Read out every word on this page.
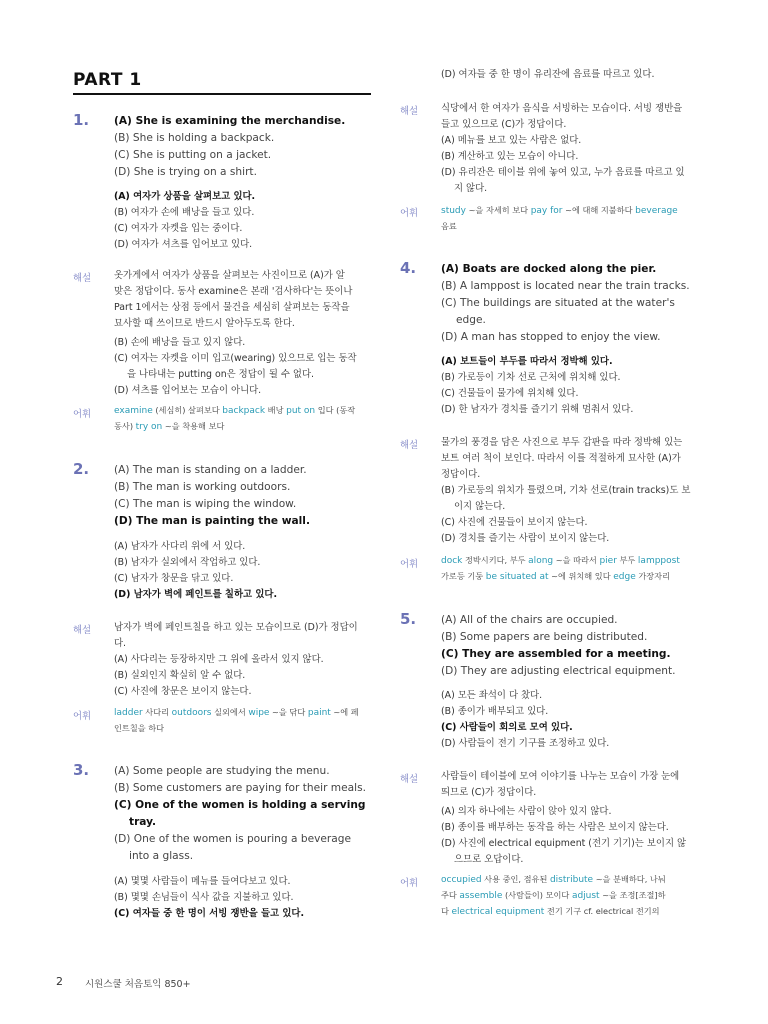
PART 1
1. (A) She is examining the merchandise.
(B) She is holding a backpack.
(C) She is putting on a jacket.
(D) She is trying on a shirt.
(A) 여자가 상품을 살펴보고 있다.
(B) 여자가 손에 배낭을 들고 있다.
(C) 여자가 자켓을 입는 중이다.
(D) 여자가 셔츠를 입어보고 있다.
해설 옷가게에서 여자가 상품을 살펴보는 사진이므로 (A)가 알
맞은 정답이다. 동사 examine은 본래 '검사하다'는 뜻이나
Part 1에서는 상점 등에서 물건을 세심히 살펴보는 동작을
묘사할 때 쓰이므로 반드시 알아두도록 한다.
(B) 손에 배낭을 들고 있지 않다.
(C) 여자는 자켓을 이미 입고(wearing) 있으므로 입는 동작
을 나타내는 putting on은 정답이 될 수 없다.
(D) 셔츠를 입어보는 모습이 아니다.
어휘	examine (세심히) 살펴보다 backpack 배낭 put on 입다 (동작
동사) try on ~을 착용해 보다
2. (A) The man is standing on a ladder.
(B) The man is working outdoors.
(C) The man is wiping the window.
(D) The man is painting the wall.
(A) 남자가 사다리 위에 서 있다.
(B) 남자가 실외에서 작업하고 있다.
(C) 남자가 창문을 닦고 있다.
(D) 남자가 벽에 페인트를 칠하고 있다.
해설 남자가 벽에 페인트칠을 하고 있는 모습이므로 (D)가 정답이
다.
(A) 사다리는 등장하지만 그 위에 올라서 있지 않다.
(B) 실외인지 확실히 알 수 없다.
(C) 사진에 창문은 보이지 않는다.
어휘	ladder 사다리 outdoors 실외에서 wipe ~을 닦다 paint ~에 페
인트칠을 하다
3. (A) Some people are studying the menu.
(B) Some customers are paying for their meals.
(C) One of the women is holding a serving
tray.
(D) One of the women is pouring a beverage
into a glass.
(A) 몇몇 사람들이 메뉴를 들여다보고 있다.
(B) 몇몇 손님들이 식사 값을 지불하고 있다.
(C) 여자들 중 한 명이 서빙 쟁반을 들고 있다.
(D) 여자들 중 한 명이 유리잔에 음료를 따르고 있다.
해설 식당에서 한 여자가 음식을 서빙하는 모습이다. 서빙 쟁반을
들고 있으므로 (C)가 정답이다.
(A) 메뉴를 보고 있는 사람은 없다.
(B) 계산하고 있는 모습이 아니다.
(D) 유리잔은 테이블 위에 놓여 있고, 누가 음료를 따르고 있
지 않다.
어휘	study ~을 자세히 보다 pay for ~에 대해 지불하다 beverage
음료
4. (A) Boats are docked along the pier.
(B) A lamppost is located near the train tracks.
(C) The buildings are situated at the water's
edge.
(D) A man has stopped to enjoy the view.
(A) 보트들이 부두를 따라서 정박해 있다.
(B) 가로등이 기차 선로 근처에 위치해 있다.
(C) 건물들이 물가에 위치해 있다.
(D) 한 남자가 경치를 즐기기 위해 멈춰서 있다.
해설 물가의 풍경을 담은 사진으로 부두 갑판을 따라 정박해 있는
보트 여러 척이 보인다. 따라서 이를 적절하게 묘사한 (A)가
정답이다.
(B) 가로등의 위치가 틀렸으며, 기차 선로(train tracks)도 보
이지 않는다.
(C) 사진에 건물들이 보이지 않는다.
(D) 경치를 즐기는 사람이 보이지 않는다.
어휘	dock 정박시키다, 부두 along ~을 따라서 pier 부두 lamppost
가로등 기둥 be situated at ~에 위치해 있다 edge 가장자리
5. (A) All of the chairs are occupied.
(B) Some papers are being distributed.
(C) They are assembled for a meeting.
(D) They are adjusting electrical equipment.
(A) 모든 좌석이 다 찼다.
(B) 종이가 배부되고 있다.
(C) 사람들이 회의로 모여 있다.
(D) 사람들이 전기 기구를 조정하고 있다.
해설 사람들이 테이블에 모여 이야기를 나누는 모습이 가장 눈에
띄므로 (C)가 정답이다.
(A) 의자 하나에는 사람이 앉아 있지 않다.
(B) 종이를 배부하는 동작을 하는 사람은 보이지 않는다.
(D) 사진에 electrical equipment (전기 기기)는 보이지 않
으므로 오답이다.
어휘	occupied 사용 중인, 점유된 distribute ~을 분배하다, 나눠
주다 assemble (사람들이) 모이다 adjust ~을 조정[조절]하
다 electrical equipment 전기 기구 cf. electrical 전기의
2 시원스쿨 처음토익 850+
